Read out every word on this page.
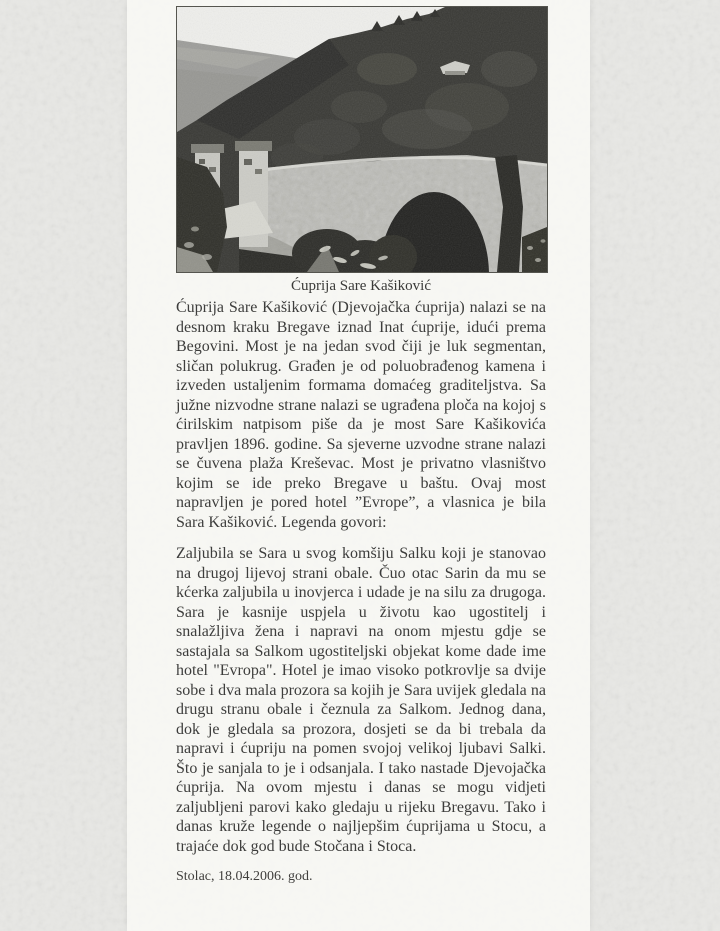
Ćuprija Sare Kašiković

Ćuprija Sare Kašiković (Djevojačka ćuprija) nalazi se na desnom kraku Bregave iznad Inat ćuprije, idući prema Begovini. Most je na jedan svod čiji je luk segmentan, sličan polukrug. Građen je od poluobrađenog kamena i izveden ustaljenim formama domaćeg graditeljstva. Sa južne nizvodne strane nalazi se ugrađena ploča na kojoj s ćirilskim natpisom piše da je most Sare Kašikovića pravljen 1896. godine. Sa sjeverne uzvodne strane nalazi se čuvena plaža Kreševac. Most je privatno vlasništvo kojim se ide preko Bregave u baštu. Ovaj most napravljen je pored hotel ”Evrope”, a vlasnica je bila Sara Kašiković. Legenda govori:

Zaljubila se Sara u svog komšiju Salku koji je stanovao na drugoj lijevoj strani obale. Čuo otac Sarin da mu se kćerka zaljubila u inovjerca i udade je na silu za drugoga. Sara je kasnije uspjela u životu kao ugostitelj i snalažljiva žena i napravi na onom mjestu gdje se sastajala sa Salkom ugostiteljski objekat kome dade ime hotel "Evropa". Hotel je imao visoko potkrovlje sa dvije sobe i dva mala prozora sa kojih je Sara uvijek gledala na drugu stranu obale i čeznula za Salkom. Jednog dana, dok je gledala sa prozora, dosjeti se da bi trebala da napravi i ćupriju na pomen svojoj velikoj ljubavi Salki. Što je sanjala to je i odsanjala. I tako nastade Djevojačka ćuprija. Na ovom mjestu i danas se mogu vidjeti zaljubljeni parovi kako gledaju u rijeku Bregavu. Tako i danas kruže legende o najljepšim ćuprijama u Stocu, a trajaće dok god bude Stočana i Stoca.

Stolac, 18.04.2006. god.
